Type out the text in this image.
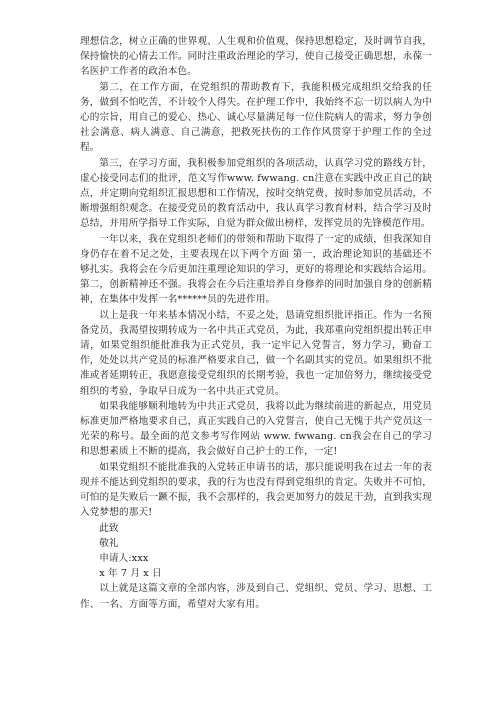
理想信念，树立正确的世界观、人生观和价值观，保持思想稳定，及时调节自我，保持愉快的心情去工作。同时注重政治理论的学习，使自己接受正确思想，永葆一名医护工作者的政治本色。

第二，在工作方面，在党组织的帮助教育下，我能积极完成组织交给我的任务，做到不怕吃苦，不计较个人得失。在护理工作中，我始终不忘一切以病人为中心的宗旨，用自己的爱心、热心、诚心尽量满足每一位住院病人的需求，努力争创社会满意、病人满意、自己满意，把救死扶伤的工作作风贯穿于护理工作的全过程。

第三，在学习方面，我积极参加党组织的各项活动，认真学习党的路线方针，虚心接受同志们的批评，范文写作www. fwwang. cn注意在实践中改正自己的缺点，并定期向党组织汇报思想和工作情况，按时交纳党费，按时参加党员活动，不断增强组织观念。在接受党员的教育活动中，我认真学习教育材料，结合学习及时总结，并用所学指导工作实际，自觉为群众做出榜样，发挥党员的先锋模范作用。

一年以来，我在党组织老师们的带领和帮助下取得了一定的成绩，但我深知自身仍存在着不足之处，主要表现在以下两个方面 第一，政治理论知识的基础还不够扎实。我将会在今后更加注重理论知识的学习，更好的将理论和实践结合运用。第二，创新精神还不强。我将会在今后注重培养自身修养的同时加强自身的创新精神，在集体中发挥一名******员的先进作用。

以上是我一年来基本情况小结，不妥之处，恳请党组织批评指正。作为一名预备党员，我渴望按期转成为一名中共正式党员，为此，我郑重向党组织提出转正申请，如果党组织能批准我为正式党员，我一定牢记入党誓言，努力学习，勤奋工作，处处以共产党员的标准严格要求自己，做一个名副其实的党员。如果组织不批准或者延期转正，我愿意接受党组织的长期考验，我也一定加倍努力，继续接受党组织的考验，争取早日成为一名中共正式党员。

如果我能够顺利地转为中共正式党员，我将以此为继续前进的新起点，用党员标准更加严格地要求自己，真正实践自己的入党誓言，使自己无愧于共产党员这一光荣的称号。最全面的范文参考写作网站 www. fwwang. cn我会在自己的学习和思想素质上不断的提高，我会做好自己护士的工作，一定!

如果党组织不能批准我的入党转正申请书的话，那只能说明我在过去一年的表现并不能达到党组织的要求，我的行为也没有得到党组织的肯定。失败并不可怕，可怕的是失败后一蹶不振，我不会那样的，我会更加努力的鼓足干劲，直到我实现入党梦想的那天!

此致

敬礼

申请人:xxx

x 年 7 月 x 日

以上就是这篇文章的全部内容，涉及到自己、党组织、党员、学习、思想、工作、一名、方面等方面，希望对大家有用。
